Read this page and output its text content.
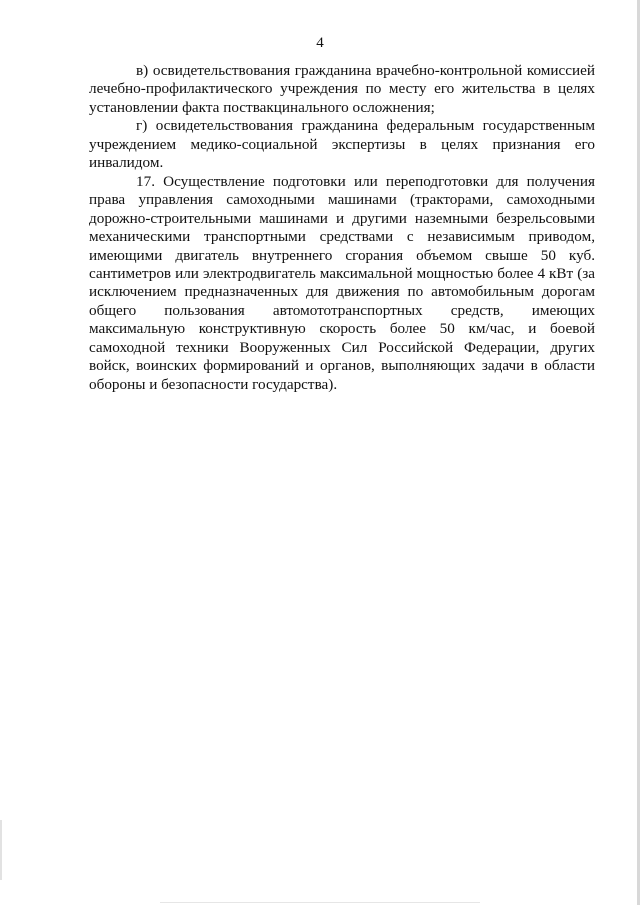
4

в) освидетельствования гражданина врачебно-контрольной комиссией лечебно-профилактического учреждения по месту его жительства в целях установлении факта поствакцинального осложнения;

г) освидетельствования гражданина федеральным государственным учреждением медико-социальной экспертизы в целях признания его инвалидом.

17. Осуществление подготовки или переподготовки для получения права управления самоходными машинами (тракторами, самоходными дорожно-строительными машинами и другими наземными безрельсовыми механическими транспортными средствами с независимым приводом, имеющими двигатель внутреннего сгорания объемом свыше 50 куб. сантиметров или электродвигатель максимальной мощностью более 4 кВт (за исключением предназначенных для движения по автомобильным дорогам общего пользования автомототранспортных средств, имеющих максимальную конструктивную скорость более 50 км/час, и боевой самоходной техники Вооруженных Сил Российской Федерации, других войск, воинских формирований и органов, выполняющих задачи в области обороны и безопасности государства).
